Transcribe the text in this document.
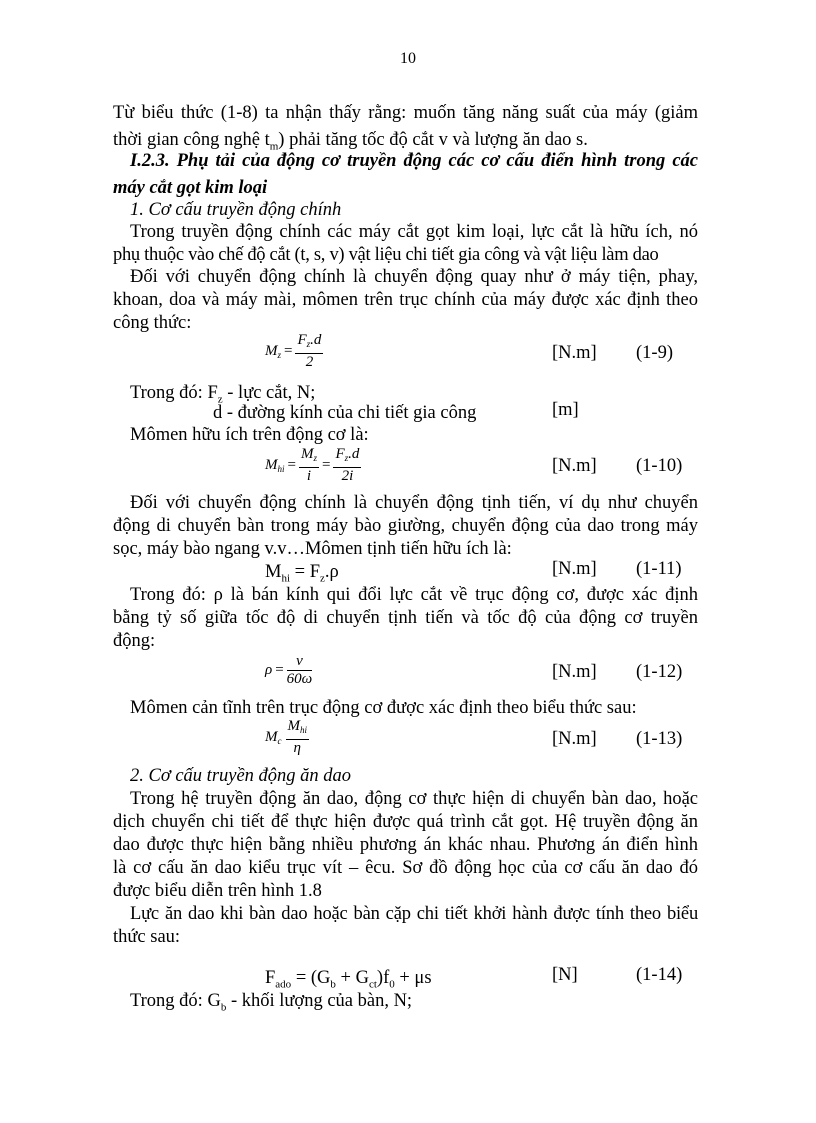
10
Từ biểu thức (1-8) ta nhận thấy rằng: muốn tăng năng suất của máy (giảm
thời gian công nghệ $t_m$) phải tăng tốc độ cắt v và lượng ăn dao s.
I.2.3. Phụ tải của động cơ truyền động các cơ cấu điển hình trong các
máy cắt gọt kim loại
1. Cơ cấu truyền động chính
Trong truyền động chính các máy cắt gọt kim loại, lực cắt là hữu ích, nó
phụ thuộc vào chế độ cắt (t, s, v) vật liệu chi tiết gia công và vật liệu làm dao
Đối với chuyển động chính là chuyển động quay như ở máy tiện, phay,
khoan, doa và máy mài, mômen trên trục chính của máy được xác định theo
công thức:
$M_z = \frac{F_z.d}{2}$	[N.m] (1-9)
Trong đó: $F_z$ - lực cắt, N;
d - đường kính của chi tiết gia công	[m]
Mômen hữu ích trên động cơ là:
$M_{hi} = \frac{M_z}{i} = \frac{F_z.d}{2i}$	[N.m] (1-10)
Đối với chuyển động chính là chuyển động tịnh tiến, ví dụ như chuyển
động di chuyển bàn trong máy bào giường, chuyển động của dao trong máy
sọc, máy bào ngang v.v…Mômen tịnh tiến hữu ích là:
$M_{hi} = F_z.\rho$	[N.m] (1-11)
Trong đó: ρ là bán kính qui đổi lực cắt về trục động cơ, được xác định
bằng tỷ số giữa tốc độ di chuyển tịnh tiến và tốc độ của động cơ truyền
động:
$\rho = \frac{v}{60\omega}$	[N.m] (1-12)
Mômen cản tĩnh trên trục động cơ được xác định theo biểu thức sau:
$M_c$
$M_{hi}$
η	[N.m] (1-13)
2. Cơ cấu truyền động ăn dao
Trong hệ truyền động ăn dao, động cơ thực hiện di chuyển bàn dao, hoặc
dịch chuyển chi tiết để thực hiện được quá trình cắt gọt. Hệ truyền động ăn
dao được thực hiện bằng nhiều phương án khác nhau. Phương án điển hình
là cơ cấu ăn dao kiểu trục vít – êcu. Sơ đồ động học của cơ cấu ăn dao đó
được biểu diễn trên hình 1.8
Lực ăn dao khi bàn dao hoặc bàn cặp chi tiết khởi hành được tính theo biểu
thức sau:
$F_{ado} = (G_b + G_{ct})f_0 + \mu s$	[N]	(1-14)
Trong đó: $G_b$ - khối lượng của bàn, N;
